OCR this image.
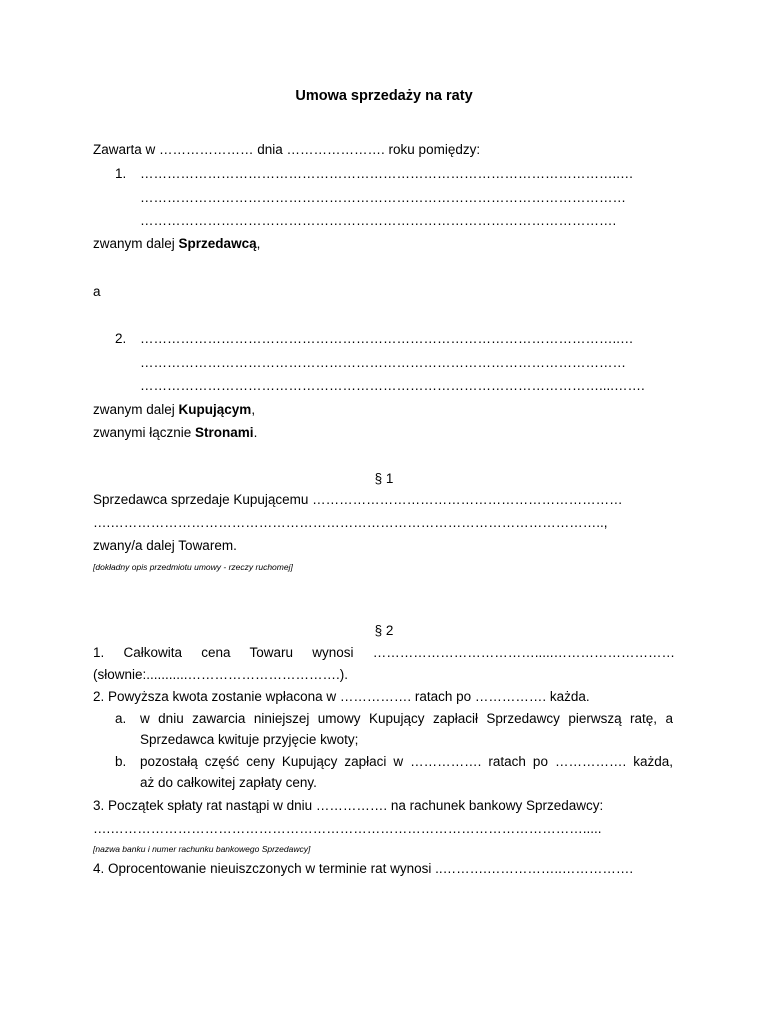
Umowa sprzedaży na raty
Zawarta w ………………… dnia …………………. roku pomiędzy:
1. ……………………………………………………………………………………………..…
………………………………………………………………………………………………
…………………………………………………………………………………………….
zwanym dalej Sprzedawcą,
a
2. ……………………………………………………………………………………………..…
………………………………………………………………………………………………
…………………………………………………………………………………………....…….
zwanym dalej Kupującym,
zwanymi łącznie Stronami.
§ 1
Sprzedawca sprzedaje Kupującemu ……………………………………………………………
….………………………………………………………………………………………………..,
zwany/a dalej Towarem.
[dokładny opis przedmiotu umowy - rzeczy ruchomej]
§ 2
1. Całkowita cena Towaru wynosi ……………………………….....………………………
(słownie:...........…………………………….).
2. Powyższa kwota zostanie wpłacona w ……………. ratach po ……………. każda.
a. w dniu zawarcia niniejszej umowy Kupujący zapłacił Sprzedawcy pierwszą ratę, a
Sprzedawca kwituje przyjęcie kwoty;
b. pozostałą część ceny Kupujący zapłaci w ……………. ratach po ……………. każda,
aż do całkowitej zapłaty ceny.
3. Początek spłaty rat nastąpi w dniu ……………. na rachunek bankowy Sprzedawcy:
….…………………………………………………………………………………………….....
[nazwa banku i numer rachunku bankowego Sprzedawcy]
4. Oprocentowanie nieuiszczonych w terminie rat wynosi ..……….……………..…………….
